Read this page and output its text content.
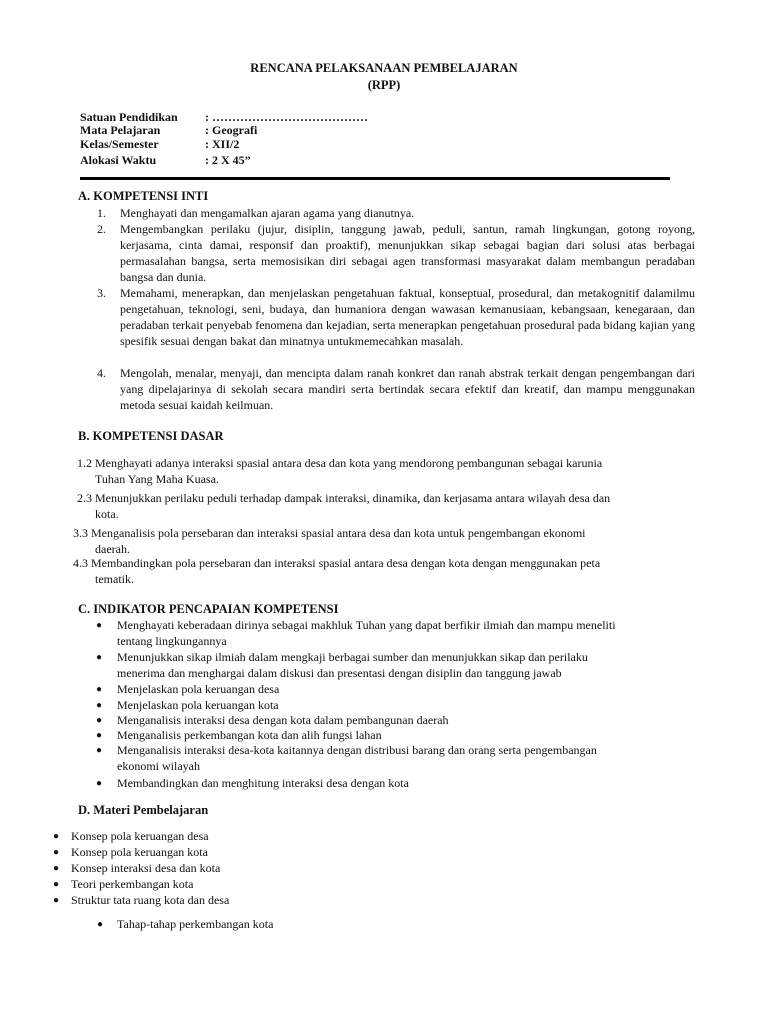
RENCANA PELAKSANAAN PEMBELAJARAN
(RPP)
Satuan Pendidikan : …………………………………
Mata Pelajaran	: Geografi
Kelas/Semester	: XII/2
Alokasi Waktu	: 2 X 45”
A. KOMPETENSI INTI
1.	Menghayati dan mengamalkan ajaran agama yang dianutnya.
2.	Mengembangkan perilaku (jujur, disiplin, tanggung jawab, peduli, santun, ramah lingkungan, gotong royong, kerjasama, cinta damai, responsif dan proaktif), menunjukkan sikap sebagai bagian dari solusi atas berbagai permasalahan bangsa, serta memosisikan diri sebagai agen transformasi masyarakat dalam membangun peradaban bangsa dan dunia.
3.	Memahami, menerapkan, dan menjelaskan pengetahuan faktual, konseptual, prosedural, dan metakognitif dalamilmu pengetahuan, teknologi, seni, budaya, dan humaniora dengan wawasan kemanusiaan, kebangsaan, kenegaraan, dan peradaban terkait penyebab fenomena dan kejadian, serta menerapkan pengetahuan prosedural pada bidang kajian yang spesifik sesuai dengan bakat dan minatnya untukmemecahkan masalah.
4.	Mengolah, menalar, menyaji, dan mencipta dalam ranah konkret dan ranah abstrak terkait dengan pengembangan dari yang dipelajarinya di sekolah secara mandiri serta bertindak secara efektif dan kreatif, dan mampu menggunakan metoda sesuai kaidah keilmuan.
B. KOMPETENSI DASAR
1.2 Menghayati adanya interaksi spasial antara desa dan kota yang mendorong pembangunan sebagai karunia
Tuhan Yang Maha Kuasa.
2.3 Menunjukkan perilaku peduli terhadap dampak interaksi, dinamika, dan kerjasama antara wilayah desa dan
kota.
3.3 Menganalisis pola persebaran dan interaksi spasial antara desa dan kota untuk pengembangan ekonomi
daerah.
4.3 Membandingkan pola persebaran dan interaksi spasial antara desa dengan kota dengan menggunakan peta
tematik.
C. INDIKATOR PENCAPAIAN KOMPETENSI
● Menghayati keberadaan dirinya sebagai makhluk Tuhan yang dapat berfikir ilmiah dan mampu meneliti
tentang lingkungannya
● Menunjukkan sikap ilmiah dalam mengkaji berbagai sumber dan menunjukkan sikap dan perilaku
menerima dan menghargai dalam diskusi dan presentasi dengan disiplin dan tanggung jawab
● Menjelaskan pola keruangan desa
● Menjelaskan pola keruangan kota
● Menganalisis interaksi desa dengan kota dalam pembangunan daerah
● Menganalisis perkembangan kota dan alih fungsi lahan
● Menganalisis interaksi desa-kota kaitannya dengan distribusi barang dan orang serta pengembangan
ekonomi wilayah
● Membandingkan dan menghitung interaksi desa dengan kota
D. Materi Pembelajaran
● Konsep pola keruangan desa
● Konsep pola keruangan kota
● Konsep interaksi desa dan kota
● Teori perkembangan kota
● Struktur tata ruang kota dan desa
● Tahap-tahap perkembangan kota
